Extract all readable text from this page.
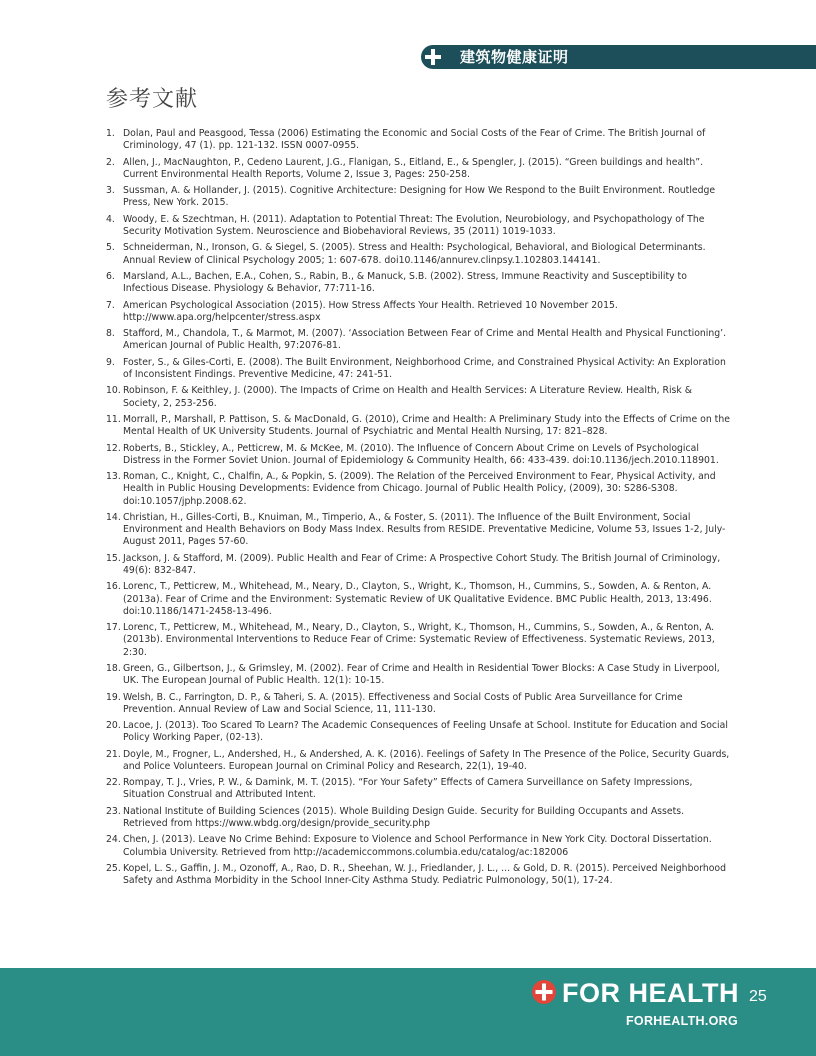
建筑物健康证明
参考文献
1. Dolan, Paul and Peasgood, Tessa (2006) Estimating the Economic and Social Costs of the Fear of Crime. The British Journal of Criminology, 47 (1). pp. 121-132. ISSN 0007-0955.
2. Allen, J., MacNaughton, P., Cedeno Laurent, J.G., Flanigan, S., Eitland, E., & Spengler, J. (2015). “Green buildings and health”. Current Environmental Health Reports, Volume 2, Issue 3, Pages: 250-258.
3. Sussman, A. & Hollander, J. (2015). Cognitive Architecture: Designing for How We Respond to the Built Environment. Routledge Press, New York. 2015.
4. Woody, E. & Szechtman, H. (2011). Adaptation to Potential Threat: The Evolution, Neurobiology, and Psychopathology of The Security Motivation System. Neuroscience and Biobehavioral Reviews, 35 (2011) 1019-1033.
5. Schneiderman, N., Ironson, G. & Siegel, S. (2005). Stress and Health: Psychological, Behavioral, and Biological Determinants. Annual Review of Clinical Psychology 2005; 1: 607-678. doi10.1146/annurev.clinpsy.1.102803.144141.
6. Marsland, A.L., Bachen, E.A., Cohen, S., Rabin, B., & Manuck, S.B. (2002). Stress, Immune Reactivity and Susceptibility to Infectious Disease. Physiology & Behavior, 77:711-16.
7. American Psychological Association (2015). How Stress Affects Your Health. Retrieved 10 November 2015. http://www.apa.org/helpcenter/stress.aspx
8. Stafford, M., Chandola, T., & Marmot, M. (2007). ‘Association Between Fear of Crime and Mental Health and Physical Functioning’. American Journal of Public Health, 97:2076-81.
9. Foster, S., & Giles-Corti, E. (2008). The Built Environment, Neighborhood Crime, and Constrained Physical Activity: An Exploration of Inconsistent Findings. Preventive Medicine, 47: 241-51.
10. Robinson, F. & Keithley, J. (2000). The Impacts of Crime on Health and Health Services: A Literature Review. Health, Risk & Society, 2, 253-256.
11. Morrall, P., Marshall, P. Pattison, S. & MacDonald, G. (2010), Crime and Health: A Preliminary Study into the Effects of Crime on the Mental Health of UK University Students. Journal of Psychiatric and Mental Health Nursing, 17: 821–828.
12. Roberts, B., Stickley, A., Petticrew, M. & McKee, M. (2010). The Influence of Concern About Crime on Levels of Psychological Distress in the Former Soviet Union. Journal of Epidemiology & Community Health, 66: 433-439. doi:10.1136/jech.2010.118901.
13. Roman, C., Knight, C., Chalfin, A., & Popkin, S. (2009). The Relation of the Perceived Environment to Fear, Physical Activity, and Health in Public Housing Developments: Evidence from Chicago. Journal of Public Health Policy, (2009), 30: S286-S308. doi:10.1057/jphp.2008.62.
14. Christian, H., Gilles-Corti, B., Knuiman, M., Timperio, A., & Foster, S. (2011). The Influence of the Built Environment, Social Environment and Health Behaviors on Body Mass Index. Results from RESIDE. Preventative Medicine, Volume 53, Issues 1-2, July-August 2011, Pages 57-60.
15. Jackson, J. & Stafford, M. (2009). Public Health and Fear of Crime: A Prospective Cohort Study. The British Journal of Criminology, 49(6): 832-847.
16. Lorenc, T., Petticrew, M., Whitehead, M., Neary, D., Clayton, S., Wright, K., Thomson, H., Cummins, S., Sowden, A. & Renton, A. (2013a). Fear of Crime and the Environment: Systematic Review of UK Qualitative Evidence. BMC Public Health, 2013, 13:496. doi:10.1186/1471-2458-13-496.
17. Lorenc, T., Petticrew, M., Whitehead, M., Neary, D., Clayton, S., Wright, K., Thomson, H., Cummins, S., Sowden, A., & Renton, A. (2013b). Environmental Interventions to Reduce Fear of Crime: Systematic Review of Effectiveness. Systematic Reviews, 2013, 2:30.
18. Green, G., Gilbertson, J., & Grimsley, M. (2002). Fear of Crime and Health in Residential Tower Blocks: A Case Study in Liverpool, UK. The European Journal of Public Health. 12(1): 10-15.
19. Welsh, B. C., Farrington, D. P., & Taheri, S. A. (2015). Effectiveness and Social Costs of Public Area Surveillance for Crime Prevention. Annual Review of Law and Social Science, 11, 111-130.
20. Lacoe, J. (2013). Too Scared To Learn? The Academic Consequences of Feeling Unsafe at School. Institute for Education and Social Policy Working Paper, (02-13).
21. Doyle, M., Frogner, L., Andershed, H., & Andershed, A. K. (2016). Feelings of Safety In The Presence of the Police, Security Guards, and Police Volunteers. European Journal on Criminal Policy and Research, 22(1), 19-40.
22. Rompay, T. J., Vries, P. W., & Damink, M. T. (2015). “For Your Safety” Effects of Camera Surveillance on Safety Impressions, Situation Construal and Attributed Intent.
23. National Institute of Building Sciences (2015). Whole Building Design Guide. Security for Building Occupants and Assets. Retrieved from https://www.wbdg.org/design/provide_security.php
24. Chen, J. (2013). Leave No Crime Behind: Exposure to Violence and School Performance in New York City. Doctoral Dissertation. Columbia University. Retrieved from http://academiccommons.columbia.edu/catalog/ac:182006
25. Kopel, L. S., Gaffin, J. M., Ozonoff, A., Rao, D. R., Sheehan, W. J., Friedlander, J. L., ... & Gold, D. R. (2015). Perceived Neighborhood Safety and Asthma Morbidity in the School Inner-City Asthma Study. Pediatric Pulmonology, 50(1), 17-24.
FOR HEALTH 25
FORHEALTH.ORG
